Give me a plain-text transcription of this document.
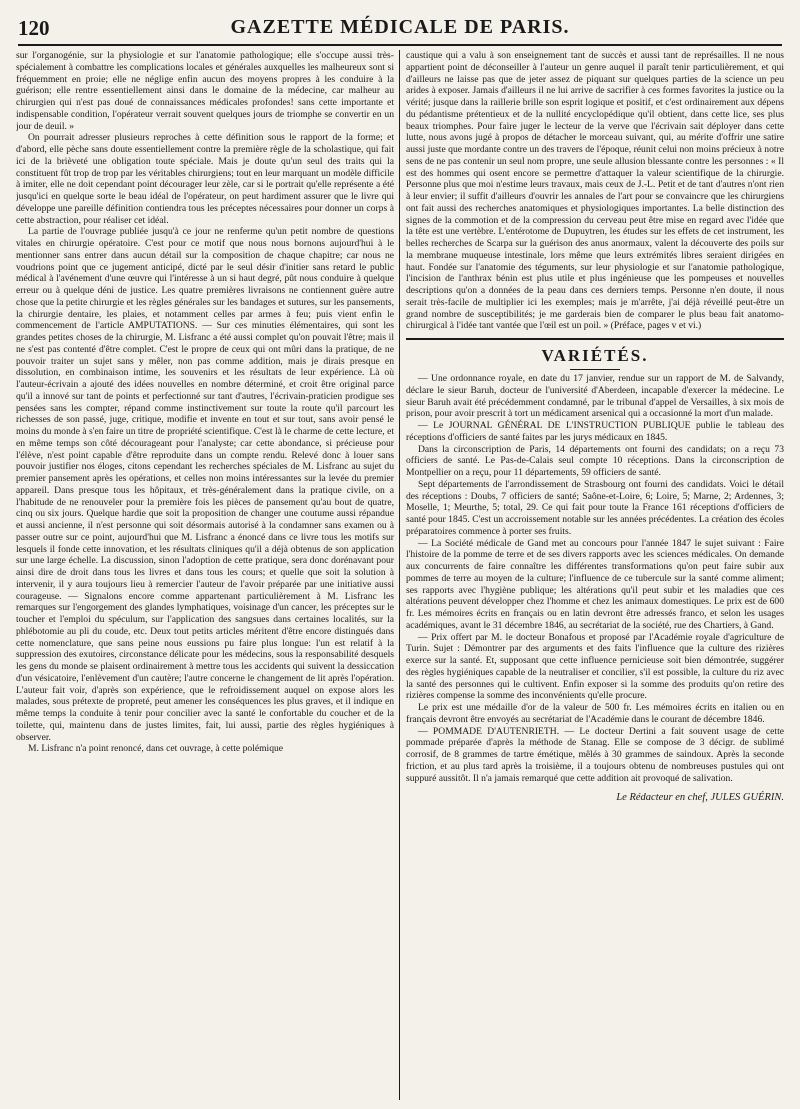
120	GAZETTE MÉDICALE DE PARIS.

sur l'organogénie, sur la physiologie et sur l'anatomie pathologique; elle s'occupe aussi très-spécialement à combattre les complications locales et générales auxquelles les malheureux sont si fréquemment en proie; elle ne néglige enfin aucun des moyens propres à les conduire à la guérison; elle rentre essentiellement ainsi dans le domaine de la médecine, car malheur au chirurgien qui n'est pas doué de connaissances médicales profondes! sans cette importante et indispensable condition, l'opérateur verrait souvent quelques jours de triomphe se convertir en un jour de deuil. »

On pourrait adresser plusieurs reproches à cette définition sous le rapport de la forme; et d'abord, elle pèche sans doute essentiellement contre la première règle de la scholastique, qui fait ici de la brièveté une obligation toute spéciale. Mais je doute qu'un seul des traits qui la constituent fût trop de trop par les véritables chirurgiens; tout en leur marquant un modèle difficile à imiter, elle ne doit cependant point décourager leur zèle, car si le portrait qu'elle représente a été jusqu'ici en quelque sorte le beau idéal de l'opérateur, on peut hardiment assurer que le livre qui développe une pareille définition contiendra tous les préceptes nécessaires pour donner un corps à cette abstraction, pour réaliser cet idéal.

La partie de l'ouvrage publiée jusqu'à ce jour ne renferme qu'un petit nombre de questions vitales en chirurgie opératoire. C'est pour ce motif que nous nous bornons aujourd'hui à le mentionner sans entrer dans aucun détail sur la composition de chaque chapitre; car nous ne voudrions point que ce jugement anticipé, dicté par le seul désir d'initier sans retard le public médical à l'avénement d'une œuvre qui l'intéresse à un si haut degré, pût nous conduire à quelque erreur ou à quelque déni de justice. Les quatre premières livraisons ne contiennent guère autre chose que la petite chirurgie et les règles générales sur les bandages et sutures, sur les pansements, la chirurgie dentaire, les plaies, et notamment celles par armes à feu; puis vient enfin le commencement de l'article AMPUTATIONS. — Sur ces minuties élémentaires, qui sont les grandes petites choses de la chirurgie, M. Lisfranc a été aussi complet qu'on pouvait l'être; mais il ne s'est pas contenté d'être complet. C'est le propre de ceux qui ont mûri dans la pratique, de ne pouvoir traiter un sujet sans y mêler, non pas comme addition, mais je dirais presque en dissolution, en combinaison intime, les souvenirs et les résultats de leur expérience. Là où l'auteur-écrivain a ajouté des idées nouvelles en nombre déterminé, et croit être original parce qu'il a innové sur tant de points et perfectionné sur tant d'autres, l'écrivain-praticien prodigue ses pensées sans les compter, répand comme instinctivement sur toute la route qu'il parcourt les richesses de son passé, juge, critique, modifie et invente en tout et sur tout, sans avoir pensé le moins du monde à s'en faire un titre de propriété scientifique. C'est là le charme de cette lecture, et en même temps son côté décourageant pour l'analyste; car cette abondance, si précieuse pour l'élève, n'est point capable d'être reproduite dans un compte rendu. Relevé donc à louer sans pouvoir justifier nos éloges, citons cependant les recherches spéciales de M. Lisfranc au sujet du premier pansement après les opérations, et celles non moins intéressantes sur la levée du premier appareil. Dans presque tous les hôpitaux, et très-généralement dans la pratique civile, on a l'habitude de ne renouveler pour la première fois les pièces de pansement qu'au bout de quatre, cinq ou six jours. Quelque hardie que soit la proposition de changer une coutume aussi répandue et aussi ancienne, il n'est personne qui soit désormais autorisé à la condamner sans examen ou à passer outre sur ce point, aujourd'hui que M. Lisfranc a énoncé dans ce livre tous les motifs sur lesquels il fonde cette innovation, et les résultats cliniques qu'il a déjà obtenus de son application sur une large échelle. La discussion, sinon l'adoption de cette pratique, sera donc dorénavant pour ainsi dire de droit dans tous les livres et dans tous les cours; et quelle que soit la solution à intervenir, il y aura toujours lieu à remercier l'auteur de l'avoir préparée par une initiative aussi courageuse. — Signalons encore comme appartenant particulièrement à M. Lisfranc les remarques sur l'engorgement des glandes lymphatiques, voisinage d'un cancer, les préceptes sur le toucher et l'emploi du spéculum, sur l'application des sangsues dans certaines localités, sur la phlébotomie au pli du coude, etc. Deux tout petits articles méritent d'être encore distingués dans cette nomenclature, que sans peine nous eussions pu faire plus longue: l'un est relatif à la suppression des exutoires, circonstance délicate pour les médecins, sous la responsabilité desquels les gens du monde se plaisent ordinairement à mettre tous les accidents qui suivent la dessiccation d'un vésicatoire, l'enlèvement d'un cautère; l'autre concerne le changement de lit après l'opération. L'auteur fait voir, d'après son expérience, que le refroidissement auquel on expose alors les malades, sous prétexte de propreté, peut amener les conséquences les plus graves, et il indique en même temps la conduite à tenir pour concilier avec la santé le confortable du coucher et de la toilette, qui, maintenu dans de justes limites, fait, lui aussi, partie des règles hygiéniques à observer.

M. Lisfranc n'a point renoncé, dans cet ouvrage, à cette polémique

caustique qui a valu à son enseignement tant de succès et aussi tant de représailles. Il ne nous appartient point de déconseiller à l'auteur un genre auquel il paraît tenir particulièrement, et qui d'ailleurs ne laisse pas que de jeter assez de piquant sur quelques parties de la science un peu arides à exposer. Jamais d'ailleurs il ne lui arrive de sacrifier à ces formes favorites la justice ou la vérité; jusque dans la raillerie brille son esprit logique et positif, et c'est ordinairement aux dépens du pédantisme prétentieux et de la nullité encyclopédique qu'il obtient, dans cette lice, ses plus beaux triomphes. Pour faire juger le lecteur de la verve que l'écrivain sait déployer dans cette lutte, nous avons jugé à propos de détacher le morceau suivant, qui, au mérite d'offrir une satire aussi juste que mordante contre un des travers de l'époque, réunit celui non moins précieux à notre sens de ne pas contenir un seul nom propre, une seule allusion blessante contre les personnes : « Il est des hommes qui osent encore se permettre d'attaquer la valeur scientifique de la chirurgie. Personne plus que moi n'estime leurs travaux, mais ceux de J.-L. Petit et de tant d'autres n'ont rien à leur envier; il suffit d'ailleurs d'ouvrir les annales de l'art pour se convaincre que les chirurgiens ont fait aussi des recherches anatomiques et physiologiques importantes. La belle distinction des signes de la commotion et de la compression du cerveau peut être mise en regard avec l'idée que la tête est une vertèbre. L'entérotome de Dupuytren, les études sur les effets de cet instrument, les belles recherches de Scarpa sur la guérison des anus anormaux, valent la découverte des poils sur la membrane muqueuse intestinale, lors même que leurs extrémités libres seraient dirigées en haut. Fondée sur l'anatomie des téguments, sur leur physiologie et sur l'anatomie pathologique, l'incision de l'anthrax bénin est plus utile et plus ingénieuse que les pompeuses et nouvelles descriptions qu'on a données de la peau dans ces derniers temps. Personne n'en doute, il nous serait très-facile de multiplier ici les exemples; mais je m'arrête, j'ai déjà réveillé peut-être un grand nombre de susceptibilités; je me garderais bien de comparer le plus beau fait anatomo-chirurgical à l'idée tant vantée que l'œil est un poil. » (Préface, pages v et vi.)

VARIÉTÉS.

— Une ordonnance royale, en date du 17 janvier, rendue sur un rapport de M. de Salvandy, déclare le sieur Baruh, docteur de l'université d'Aberdeen, incapable d'exercer la médecine. Le sieur Baruh avait été précédemment condamné, par le tribunal d'appel de Versailles, à six mois de prison, pour avoir prescrit à tort un médicament arsenical qui a occasionné la mort d'un malade.

— Le JOURNAL GÉNÉRAL DE L'INSTRUCTION PUBLIQUE publie le tableau des réceptions d'officiers de santé faites par les jurys médicaux en 1845.

Dans la circonscription de Paris, 14 départements ont fourni des candidats; on a reçu 73 officiers de santé. Le Pas-de-Calais seul compte 10 réceptions. Dans la circonscription de Montpellier on a reçu, pour 11 départements, 59 officiers de santé.

Sept départements de l'arrondissement de Strasbourg ont fourni des candidats. Voici le détail des réceptions : Doubs, 7 officiers de santé; Saône-et-Loire, 6; Loire, 5; Marne, 2; Ardennes, 3; Moselle, 1; Meurthe, 5; total, 29. Ce qui fait pour toute la France 161 réceptions d'officiers de santé pour 1845. C'est un accroissement notable sur les années précédentes. La création des écoles préparatoires commence à porter ses fruits.

— La Société médicale de Gand met au concours pour l'année 1847 le sujet suivant : Faire l'histoire de la pomme de terre et de ses divers rapports avec les sciences médicales. On demande aux concurrents de faire connaître les différentes transformations qu'on peut faire subir aux pommes de terre au moyen de la culture; l'influence de ce tubercule sur la santé comme aliment; ses rapports avec l'hygiène publique; les altérations qu'il peut subir et les maladies que ces altérations peuvent développer chez l'homme et chez les animaux domestiques. Le prix est de 600 fr. Les mémoires écrits en français ou en latin devront être adressés franco, et selon les usages académiques, avant le 31 décembre 1846, au secrétariat de la société, rue des Chartiers, à Gand.

— Prix offert par M. le docteur Bonafous et proposé par l'Académie royale d'agriculture de Turin. Sujet : Démontrer par des arguments et des faits l'influence que la culture des rizières exerce sur la santé. Et, supposant que cette influence pernicieuse soit bien démontrée, suggérer des règles hygiéniques capable de la neutraliser et concilier, s'il est possible, la culture du riz avec la santé des personnes qui le cultivent. Enfin exposer si la somme des produits qu'on retire des rizières compense la somme des inconvénients qu'elle procure.

Le prix est une médaille d'or de la valeur de 500 fr. Les mémoires écrits en italien ou en français devront être envoyés au secrétariat de l'Académie dans le courant de décembre 1846.

— POMMADE D'AUTENRIETH. — Le docteur Dertini a fait souvent usage de cette pommade préparée d'après la méthode de Stanag. Elle se compose de 3 décigr. de sublimé corrosif, de 8 grammes de tartre émétique, mêlés à 30 grammes de saindoux. Après la seconde friction, et au plus tard après la troisième, il a toujours obtenu de nombreuses pustules qui ont suppuré aussitôt. Il n'a jamais remarqué que cette addition ait provoqué de salivation.

Le Rédacteur en chef, JULES GUÉRIN.
